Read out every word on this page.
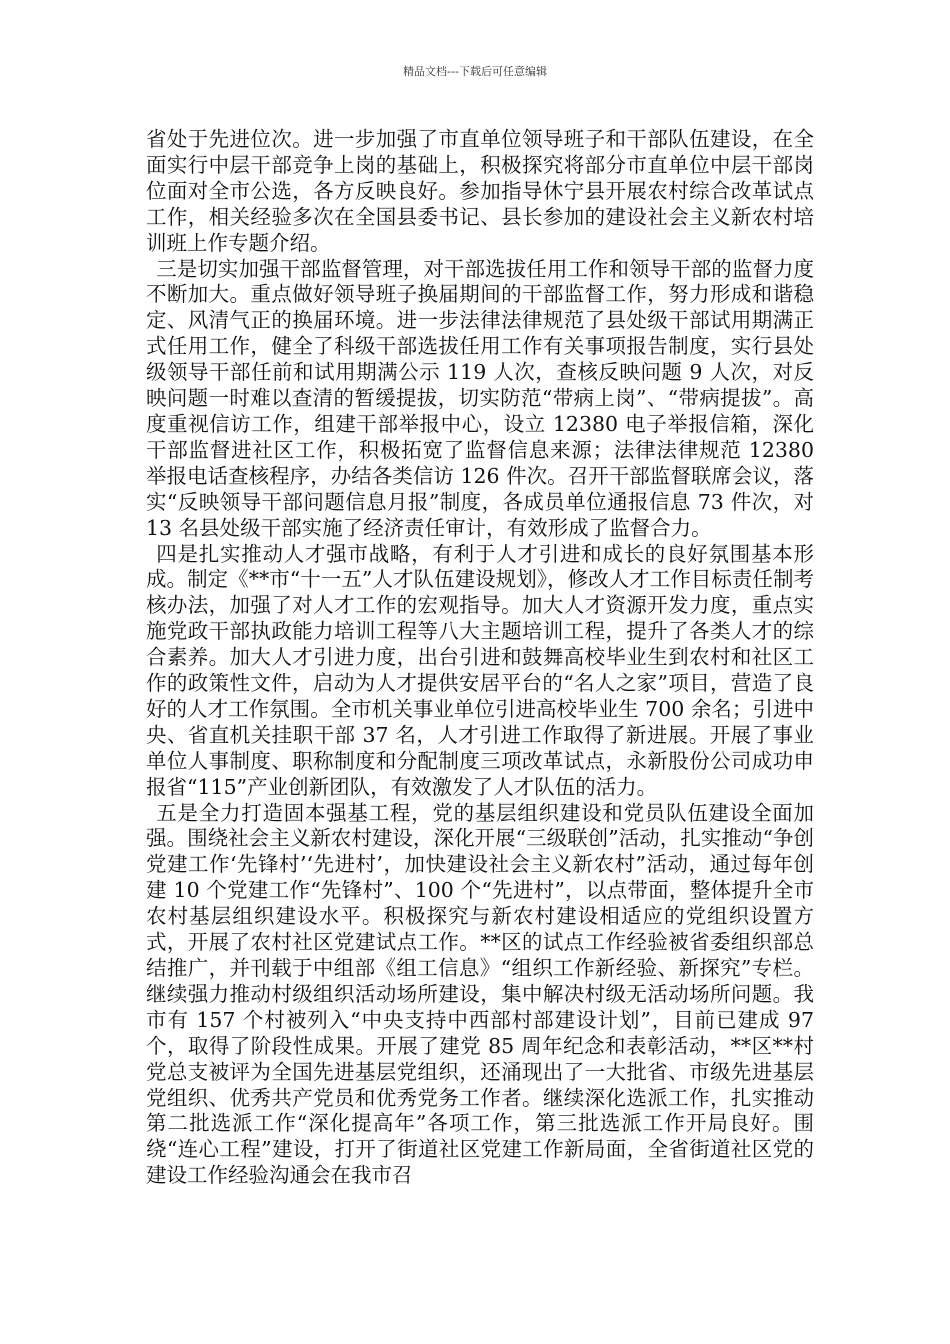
精品文档---下载后可任意编辑

省处于先进位次。进一步加强了市直单位领导班子和干部队伍建设，在全面实行中层干部竞争上岗的基础上，积极探究将部分市直单位中层干部岗位面对全市公选，各方反映良好。参加指导休宁县开展农村综合改革试点工作，相关经验多次在全国县委书记、县长参加的建设社会主义新农村培训班上作专题介绍。

三是切实加强干部监督管理，对干部选拔任用工作和领导干部的监督力度不断加大。重点做好领导班子换届期间的干部监督工作，努力形成和谐稳定、风清气正的换届环境。进一步法律法律规范了县处级干部试用期满正式任用工作，健全了科级干部选拔任用工作有关事项报告制度，实行县处级领导干部任前和试用期满公示 119 人次，查核反映问题 9 人次，对反映问题一时难以查清的暂缓提拔，切实防范“带病上岗”、“带病提拔”。高度重视信访工作，组建干部举报中心，设立 12380 电子举报信箱，深化干部监督进社区工作，积极拓宽了监督信息来源；法律法律规范 12380 举报电话查核程序，办结各类信访 126 件次。召开干部监督联席会议，落实“反映领导干部问题信息月报”制度，各成员单位通报信息 73 件次，对 13 名县处级干部实施了经济责任审计，有效形成了监督合力。

四是扎实推动人才强市战略，有利于人才引进和成长的良好氛围基本形成。制定《**市“十一五”人才队伍建设规划》，修改人才工作目标责任制考核办法，加强了对人才工作的宏观指导。加大人才资源开发力度，重点实施党政干部执政能力培训工程等八大主题培训工程，提升了各类人才的综合素养。加大人才引进力度，出台引进和鼓舞高校毕业生到农村和社区工作的政策性文件，启动为人才提供安居平台的“名人之家”项目，营造了良好的人才工作氛围。全市机关事业单位引进高校毕业生 700 余名；引进中央、省直机关挂职干部 37 名，人才引进工作取得了新进展。开展了事业单位人事制度、职称制度和分配制度三项改革试点，永新股份公司成功申报省“115”产业创新团队，有效激发了人才队伍的活力。

五是全力打造固本强基工程，党的基层组织建设和党员队伍建设全面加强。围绕社会主义新农村建设，深化开展“三级联创”活动，扎实推动“争创党建工作‘先锋村’‘先进村’，加快建设社会主义新农村”活动，通过每年创建 10 个党建工作“先锋村”、100 个“先进村”，以点带面，整体提升全市农村基层组织建设水平。积极探究与新农村建设相适应的党组织设置方式，开展了农村社区党建试点工作。**区的试点工作经验被省委组织部总结推广，并刊载于中组部《组工信息》“组织工作新经验、新探究”专栏。继续强力推动村级组织活动场所建设，集中解决村级无活动场所问题。我市有 157 个村被列入“中央支持中西部村部建设计划”，目前已建成 97 个，取得了阶段性成果。开展了建党 85 周年纪念和表彰活动，**区**村党总支被评为全国先进基层党组织，还涌现出了一大批省、市级先进基层党组织、优秀共产党员和优秀党务工作者。继续深化选派工作，扎实推动第二批选派工作“深化提高年”各项工作，第三批选派工作开局良好。围绕“连心工程”建设，打开了街道社区党建工作新局面，全省街道社区党的建设工作经验沟通会在我市召
